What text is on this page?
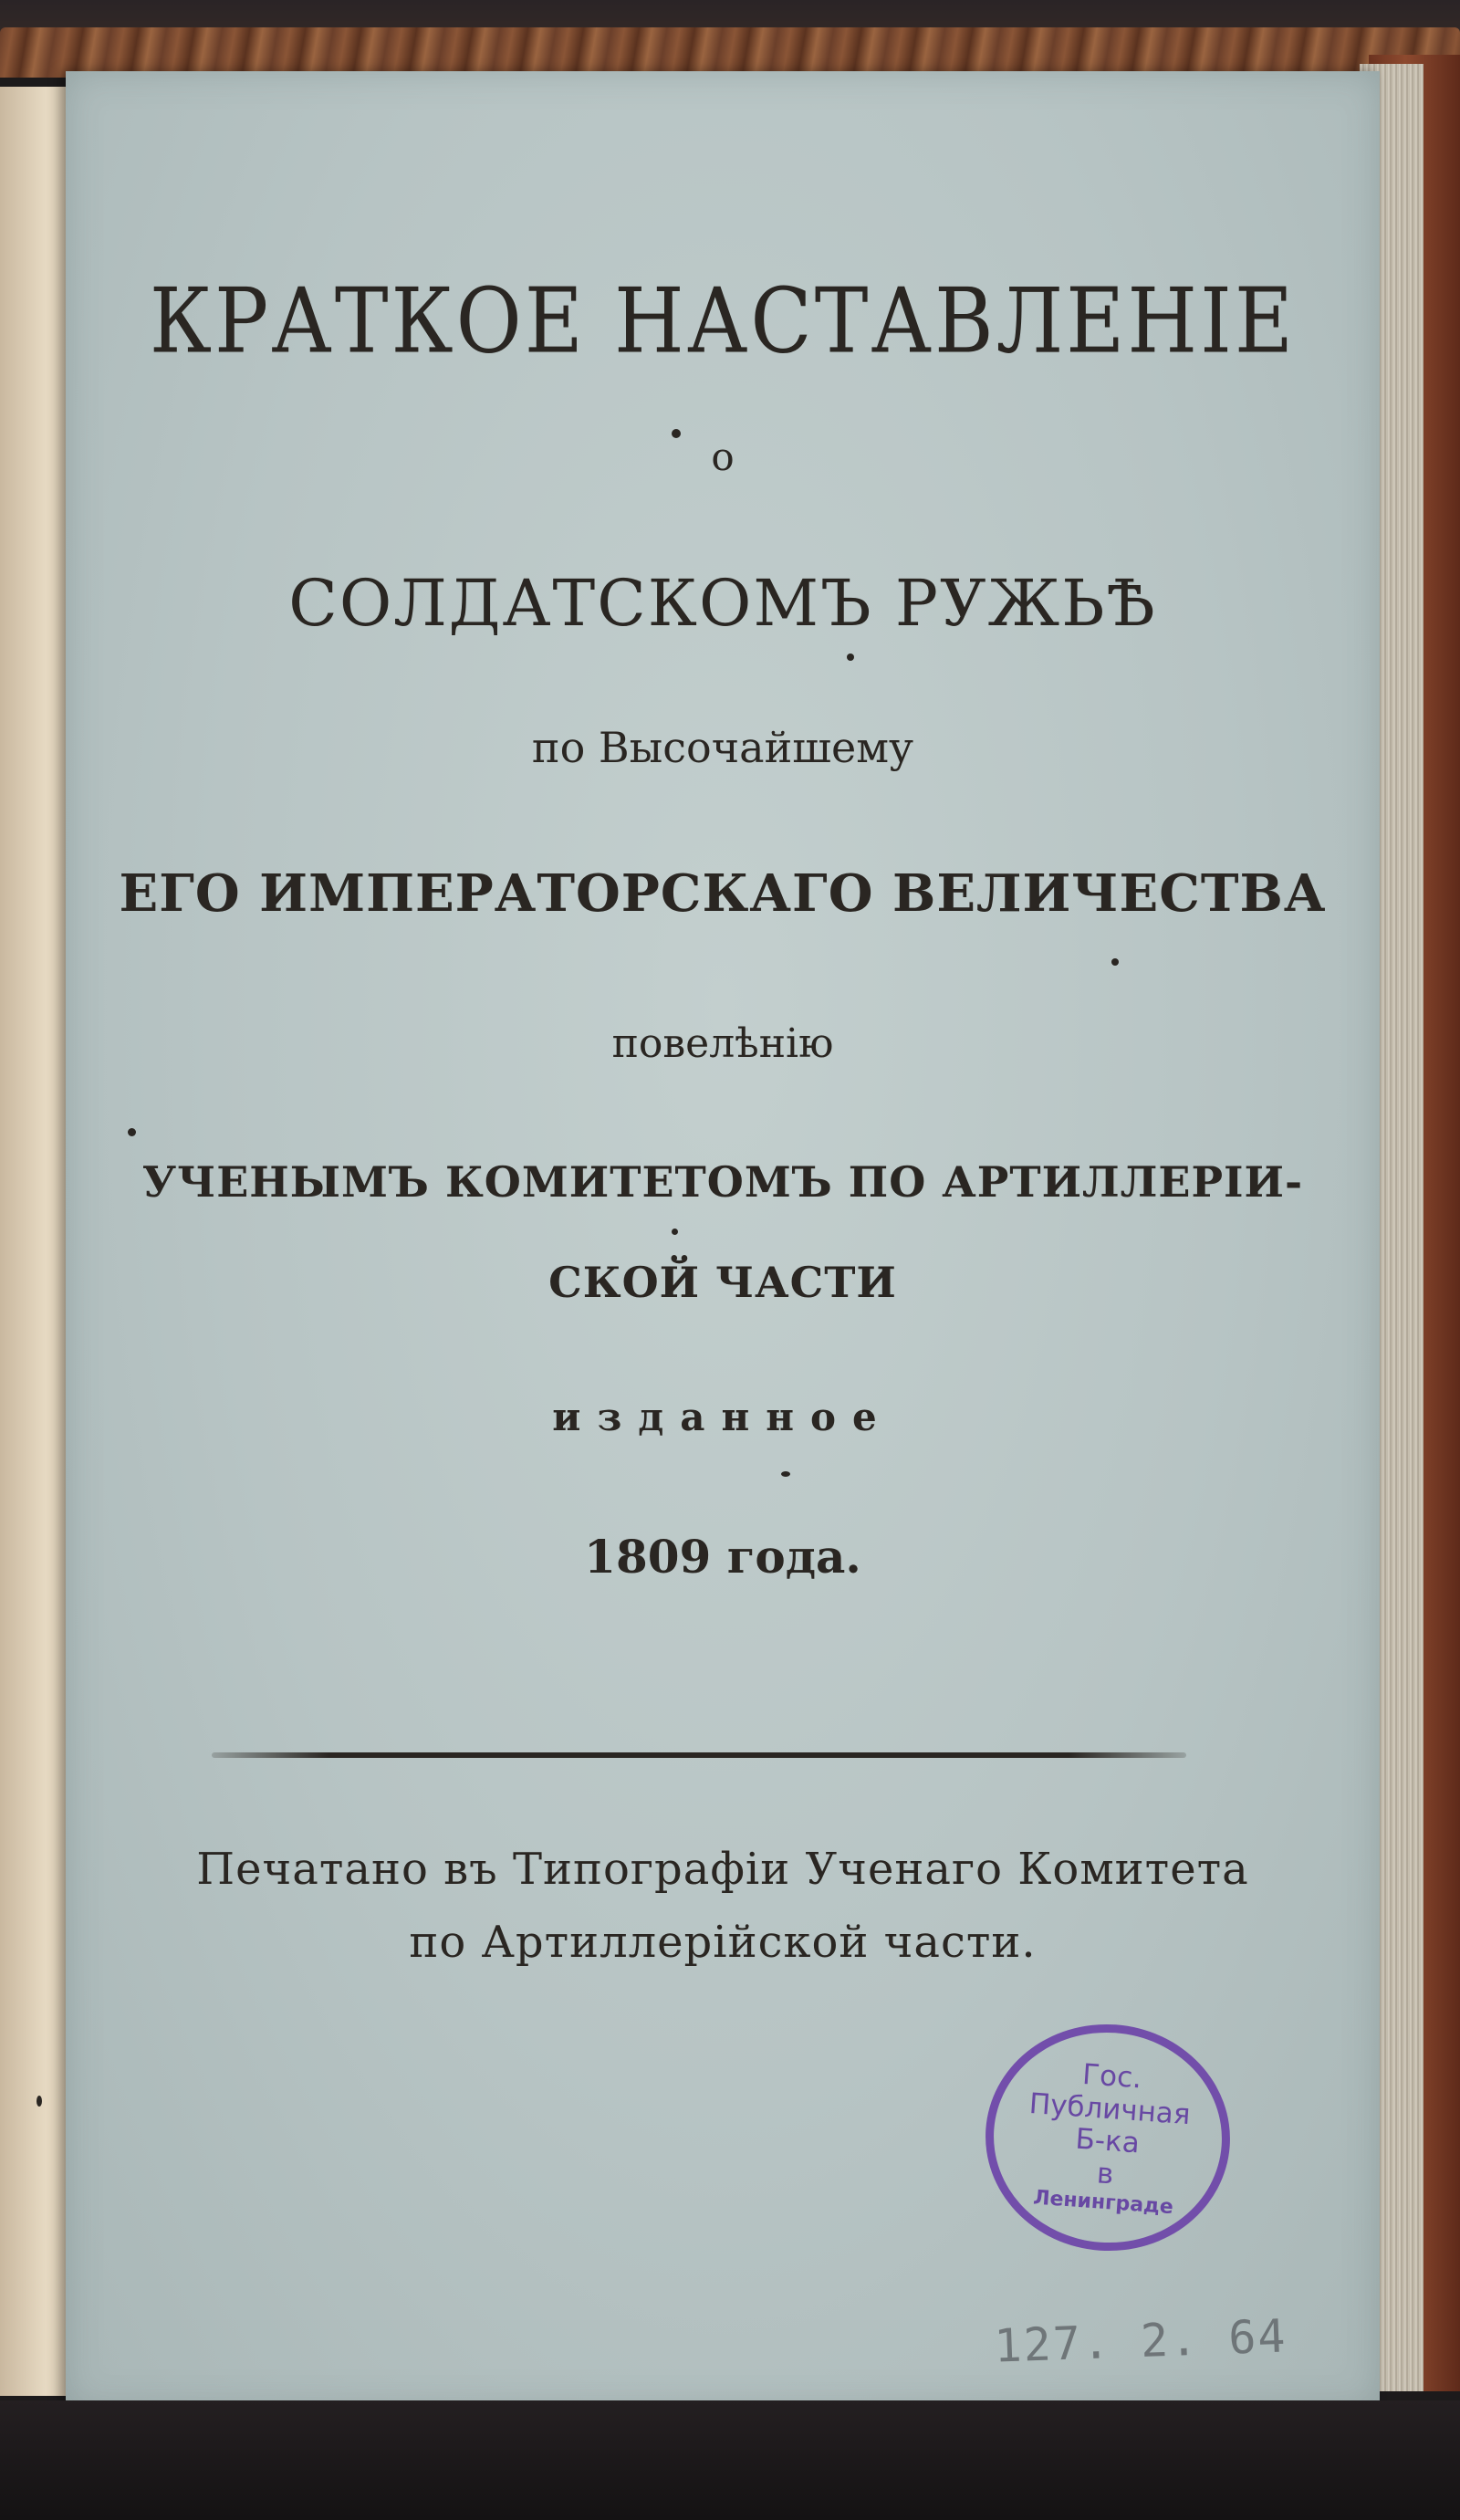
КРАТКОЕ НАСТАВЛЕНІЕ
о
СОЛДАТСКОМЪ РУЖЬѢ
по Высочайшему
ЕГО ИМПЕРАТОРСКАГО ВЕЛИЧЕСТВА
повелѣнію
УЧЕНЫМЪ КОМИТЕТОМЪ ПО АРТИЛЛЕРІИ-
СКОЙ ЧАСТИ
изданное
1809 года.
Печатано въ Типографіи Ученаго Комитета
по Артиллерійской части.
Гос.
Публичная
Б-ка
в
Ленинграде
127. 2. 64
